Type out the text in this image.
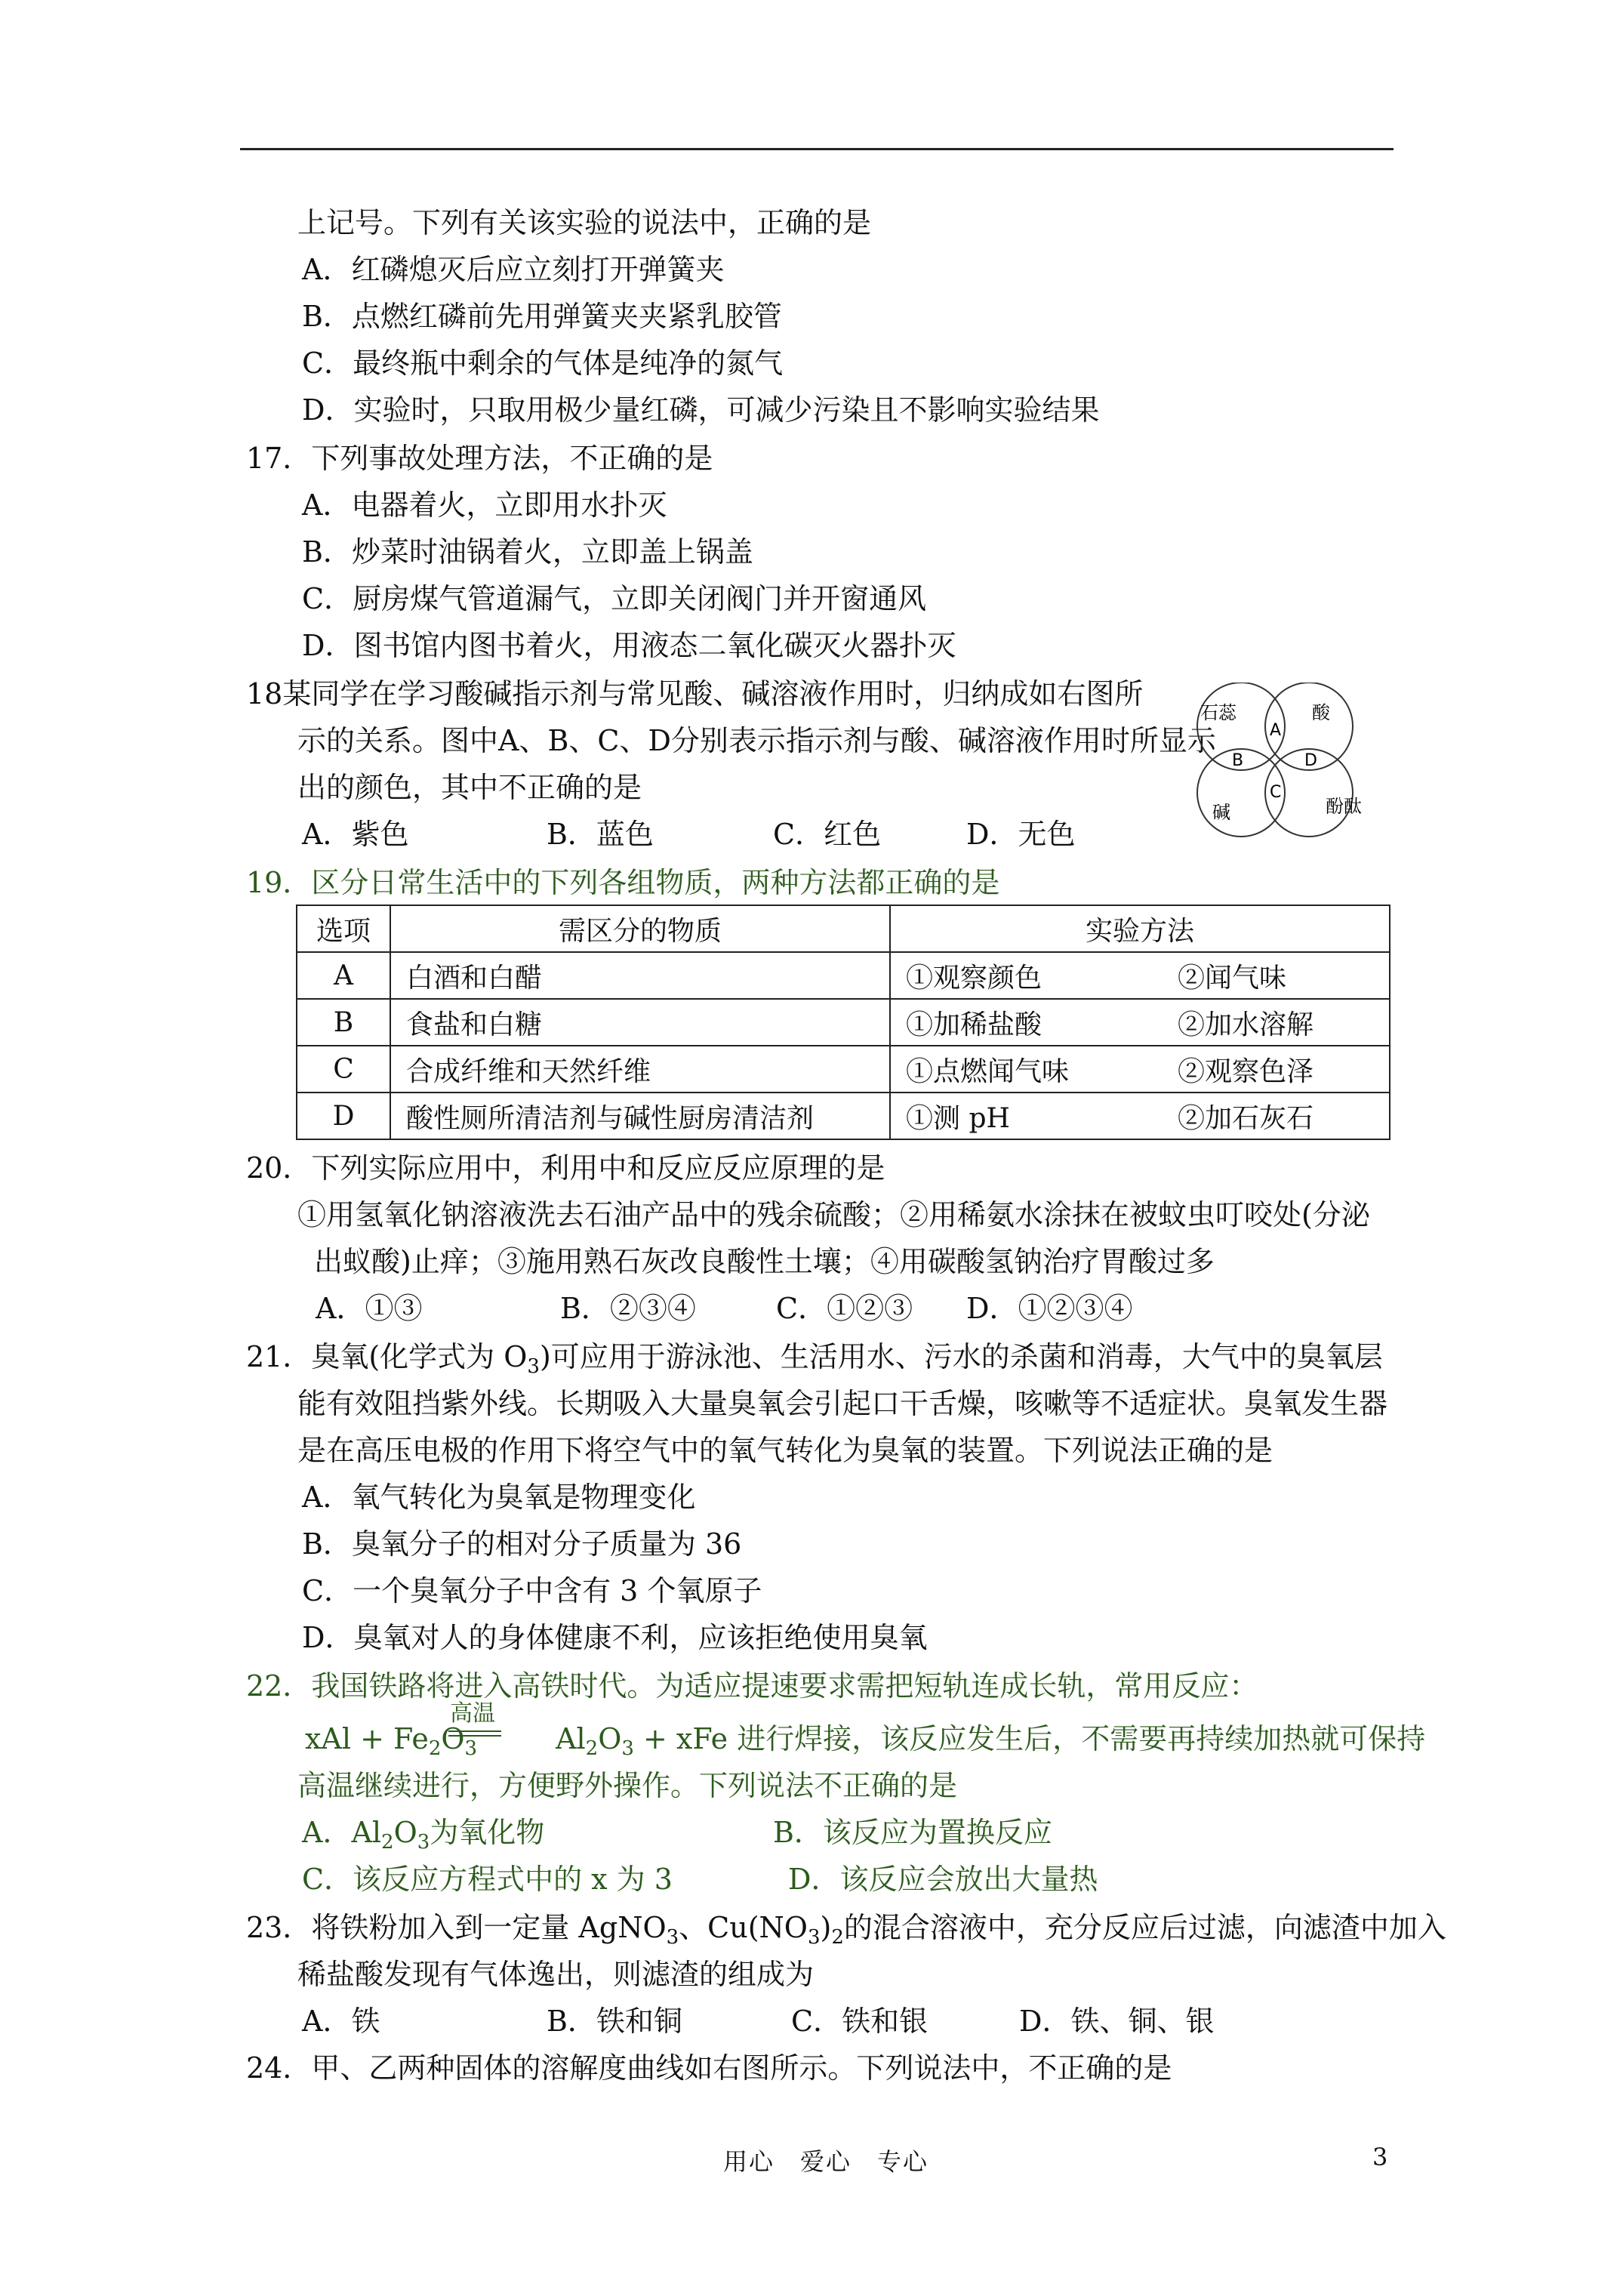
上记号。下列有关该实验的说法中，正确的是
A．红磷熄灭后应立刻打开弹簧夹
B．点燃红磷前先用弹簧夹夹紧乳胶管
C．最终瓶中剩余的气体是纯净的氮气
D．实验时，只取用极少量红磷，可减少污染且不影响实验结果
17．下列事故处理方法，不正确的是
A．电器着火，立即用水扑灭
B．炒菜时油锅着火，立即盖上锅盖
C．厨房煤气管道漏气，立即关闭阀门并开窗通风
D．图书馆内图书着火，用液态二氧化碳灭火器扑灭
18某同学在学习酸碱指示剂与常见酸、碱溶液作用时，归纳成如右图所
示的关系。图中A、B、C、D分别表示指示剂与酸、碱溶液作用时所显示
出的颜色，其中不正确的是
A．紫色	B．蓝色	C．红色	D．无色
石蕊	酸
碱	酚酞
A
B
C
D
19．区分日常生活中的下列各组物质，两种方法都正确的是
选项	需区分的物质	实验方法
A	白酒和白醋	①观察颜色 ②闻气味
B	食盐和白糖	①加稀盐酸 ②加水溶解
C	合成纤维和天然纤维	①点燃闻气味 ②观察色泽
D	酸性厕所清洁剂与碱性厨房清洁剂	①测 pH ②加石灰石
20．下列实际应用中，利用中和反应反应原理的是
①用氢氧化钠溶液洗去石油产品中的残余硫酸；②用稀氨水涂抹在被蚊虫叮咬处(分泌
出蚁酸)止痒；③施用熟石灰改良酸性土壤；④用碳酸氢钠治疗胃酸过多
A．①③	B．②③④	C．①②③ D．①②③④
21．臭氧(化学式为 $O_3$)可应用于游泳池、生活用水、污水的杀菌和消毒，大气中的臭氧层
能有效阻挡紫外线。长期吸入大量臭氧会引起口干舌燥，咳嗽等不适症状。臭氧发生器
是在高压电极的作用下将空气中的氧气转化为臭氧的装置。下列说法正确的是
A．氧气转化为臭氧是物理变化
B．臭氧分子的相对分子质量为 36
C．一个臭氧分子中含有 3 个氧原子
D．臭氧对人的身体健康不利，应该拒绝使用臭氧
22．我国铁路将进入高铁时代。为适应提速要求需把短轨连成长轨，常用反应：
xAl + $Fe_2O_3$	$Al_2O_3$ + xFe 进行焊接，该反应发生后，不需要再持续加热就可保持
高温
高温继续进行，方便野外操作。下列说法不正确的是
A．$Al_2O_3$为氧化物	B．该反应为置换反应
C．该反应方程式中的 x 为 3	D．该反应会放出大量热
23．将铁粉加入到一定量 AgNO$_3$、$Cu(NO_3)_2$的混合溶液中，充分反应后过滤，向滤渣中加入
稀盐酸发现有气体逸出，则滤渣的组成为
A．铁	B．铁和铜	C．铁和银	D．铁、铜、银
24．甲、乙两种固体的溶解度曲线如右图所示。下列说法中，不正确的是
用心　爱心　专心	3
